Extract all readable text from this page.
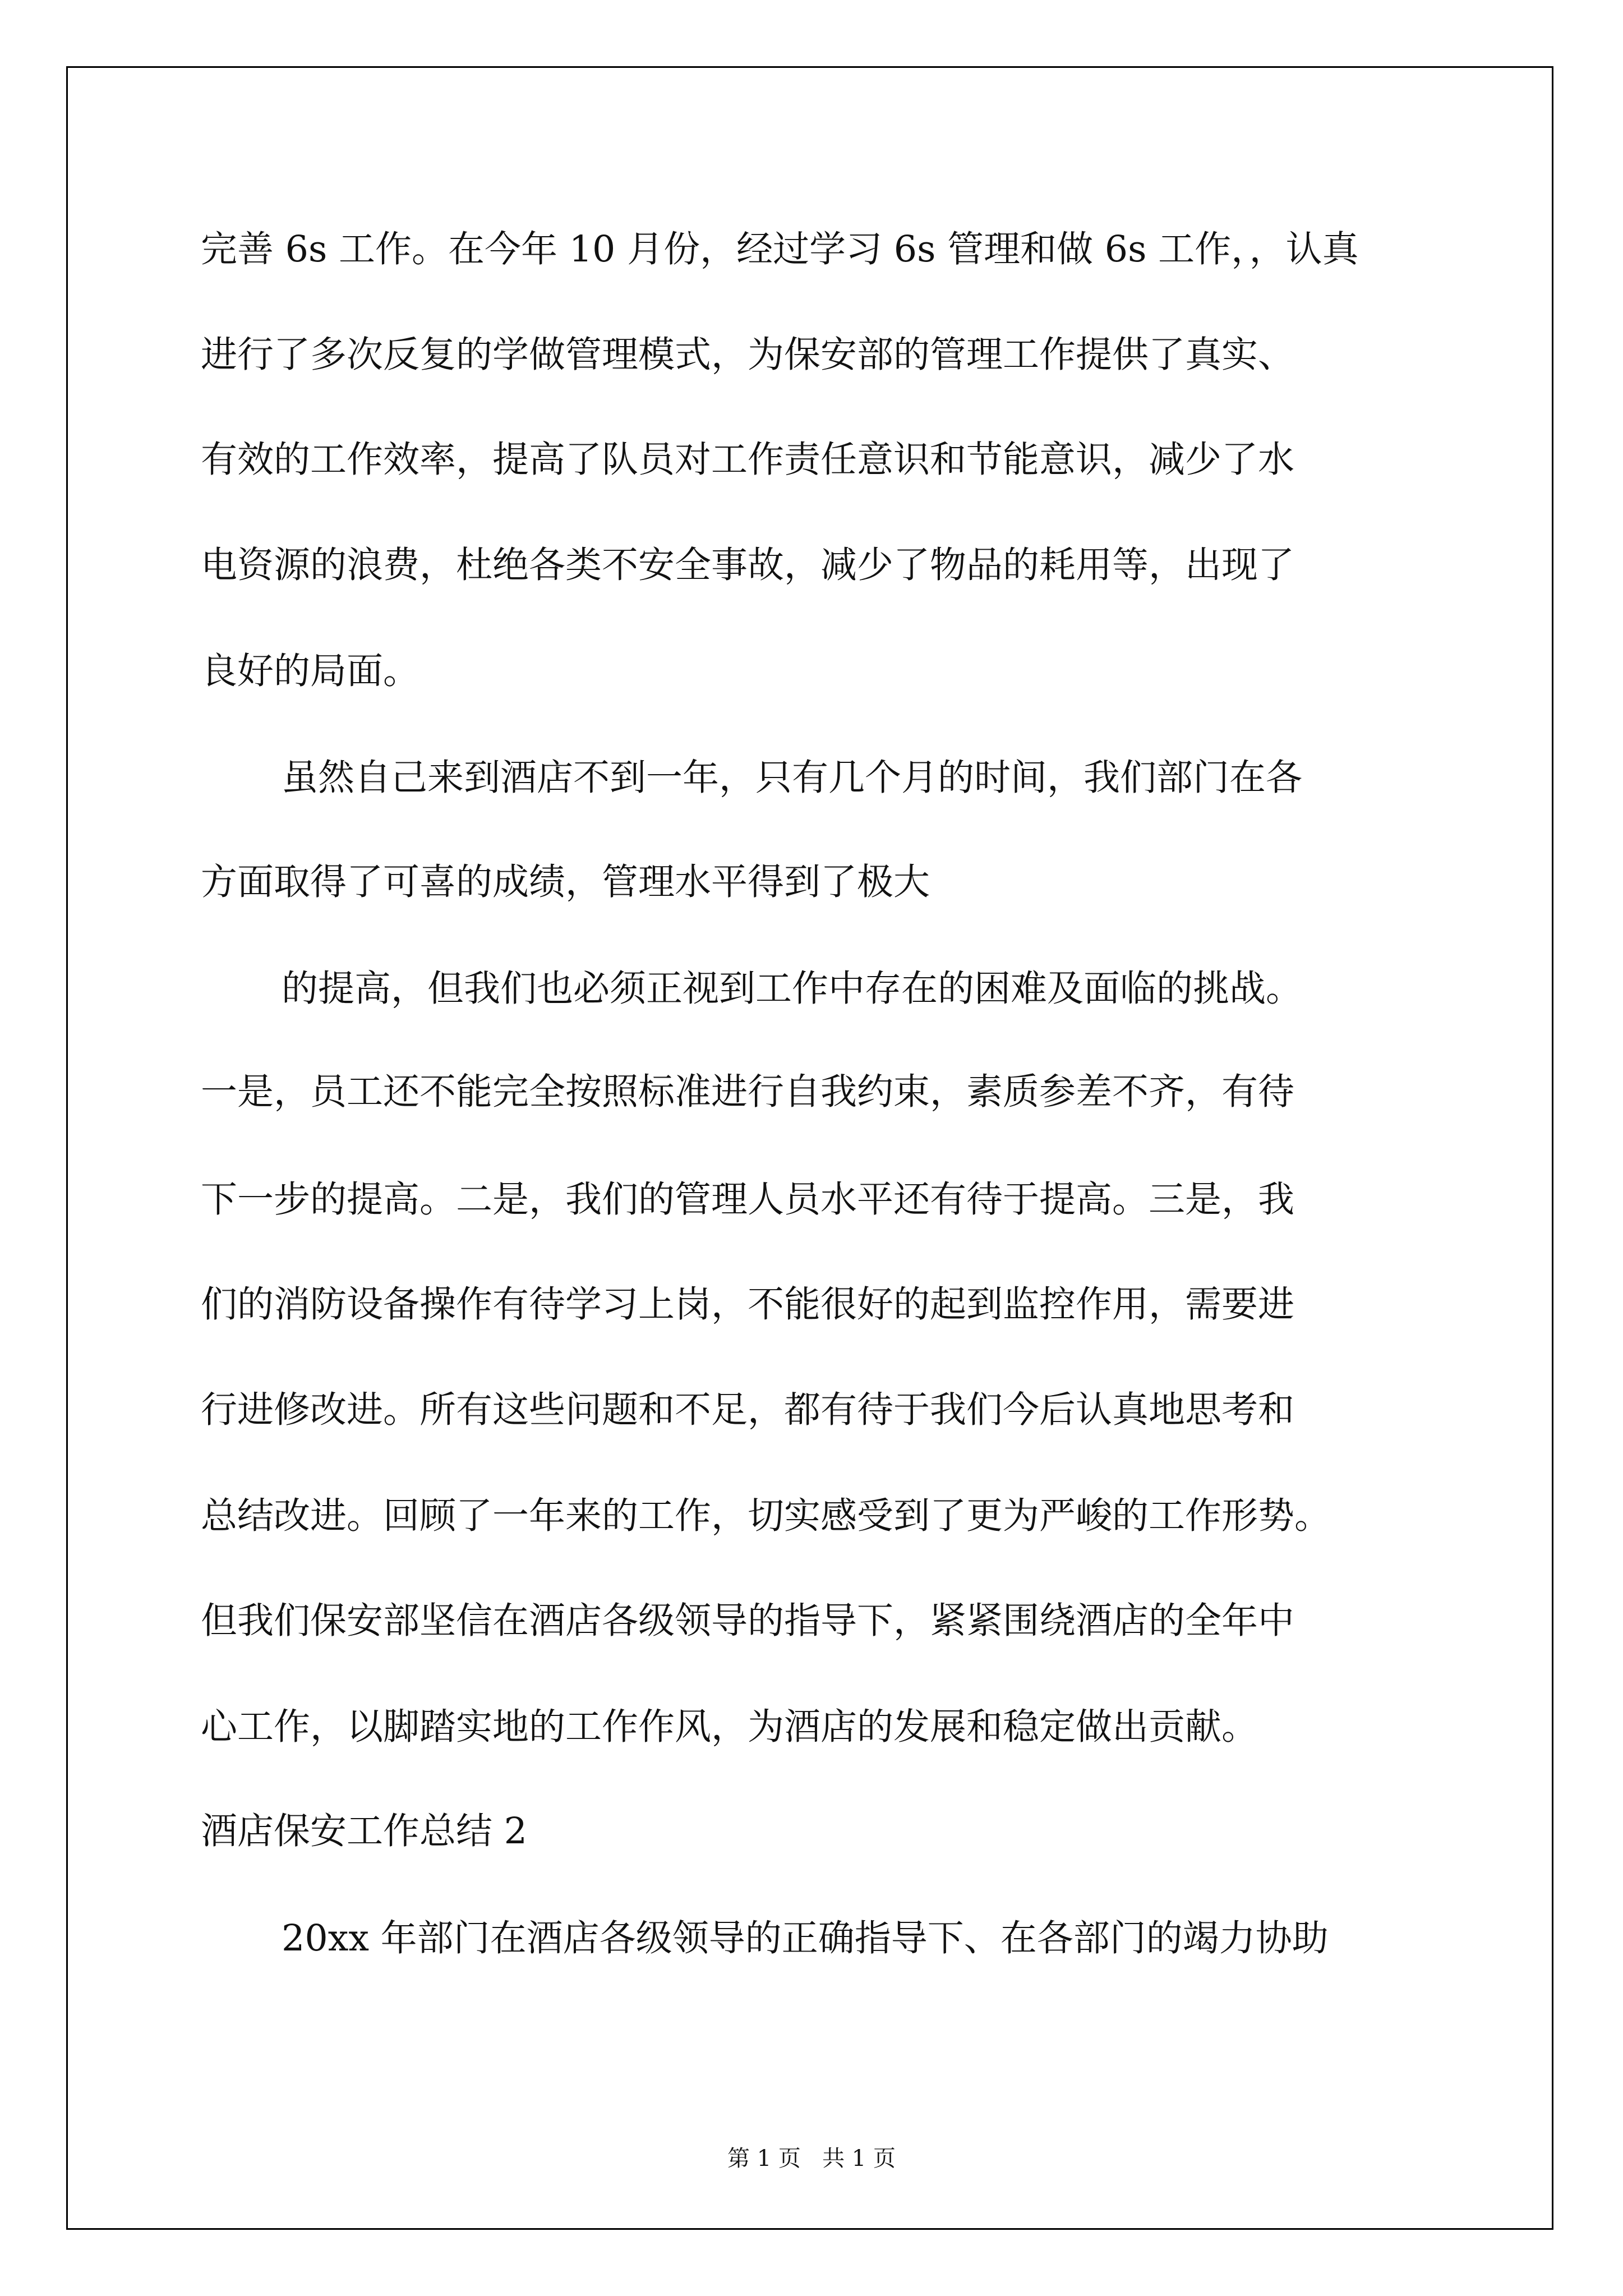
完善 6s 工作。在今年 10 月份，经过学习 6s 管理和做 6s 工作，，认真
进行了多次反复的学做管理模式，为保安部的管理工作提供了真实、
有效的工作效率，提高了队员对工作责任意识和节能意识，减少了水
电资源的浪费，杜绝各类不安全事故，减少了物品的耗用等，出现了
良好的局面。
虽然自己来到酒店不到一年，只有几个月的时间，我们部门在各
方面取得了可喜的成绩，管理水平得到了极大
的提高，但我们也必须正视到工作中存在的困难及面临的挑战。
一是，员工还不能完全按照标准进行自我约束，素质参差不齐，有待
下一步的提高。二是，我们的管理人员水平还有待于提高。三是，我
们的消防设备操作有待学习上岗，不能很好的起到监控作用，需要进
行进修改进。所有这些问题和不足，都有待于我们今后认真地思考和
总结改进。回顾了一年来的工作，切实感受到了更为严峻的工作形势。
但我们保安部坚信在酒店各级领导的指导下，紧紧围绕酒店的全年中
心工作，以脚踏实地的工作作风，为酒店的发展和稳定做出贡献。
酒店保安工作总结 2
20xx 年部门在酒店各级领导的正确指导下、在各部门的竭力协助
第 1 页   共 1 页
